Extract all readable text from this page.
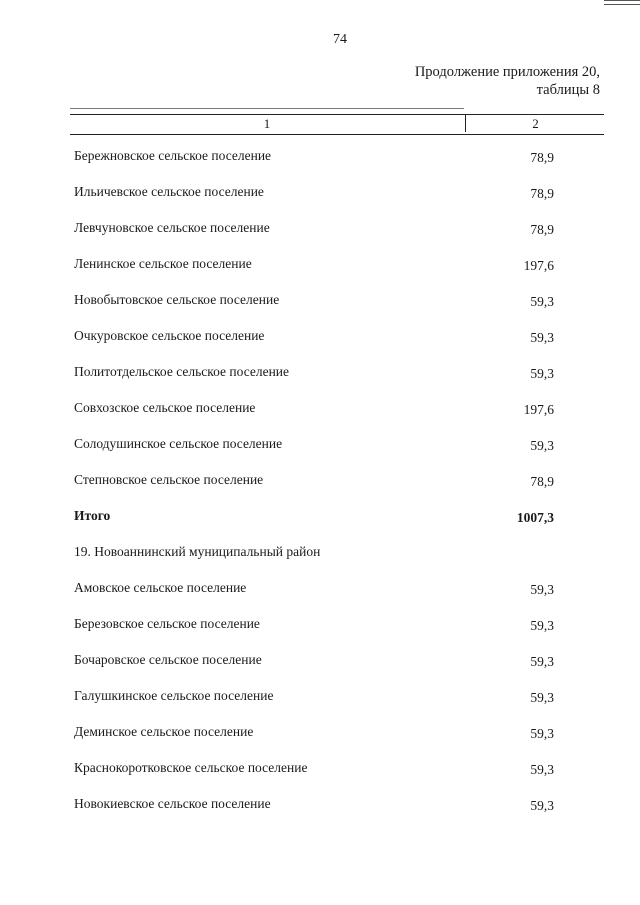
74
Продолжение приложения 20,
таблицы 8
1	2
Бережновское сельское поселение	78,9
Ильичевское сельское поселение	78,9
Левчуновское сельское поселение	78,9
Ленинское сельское поселение	197,6
Новобытовское сельское поселение	59,3
Очкуровское сельское поселение	59,3
Политотдельское сельское поселение	59,3
Совхозское сельское поселение	197,6
Солодушинское сельское поселение	59,3
Степновское сельское поселение	78,9
Итого	1007,3
19. Новоаннинский муниципальный район
Амовское сельское поселение	59,3
Березовское сельское поселение	59,3
Бочаровское сельское поселение	59,3
Галушкинское сельское поселение	59,3
Деминское сельское поселение	59,3
Краснокоротковское сельское поселение	59,3
Новокиевское сельское поселение	59,3
